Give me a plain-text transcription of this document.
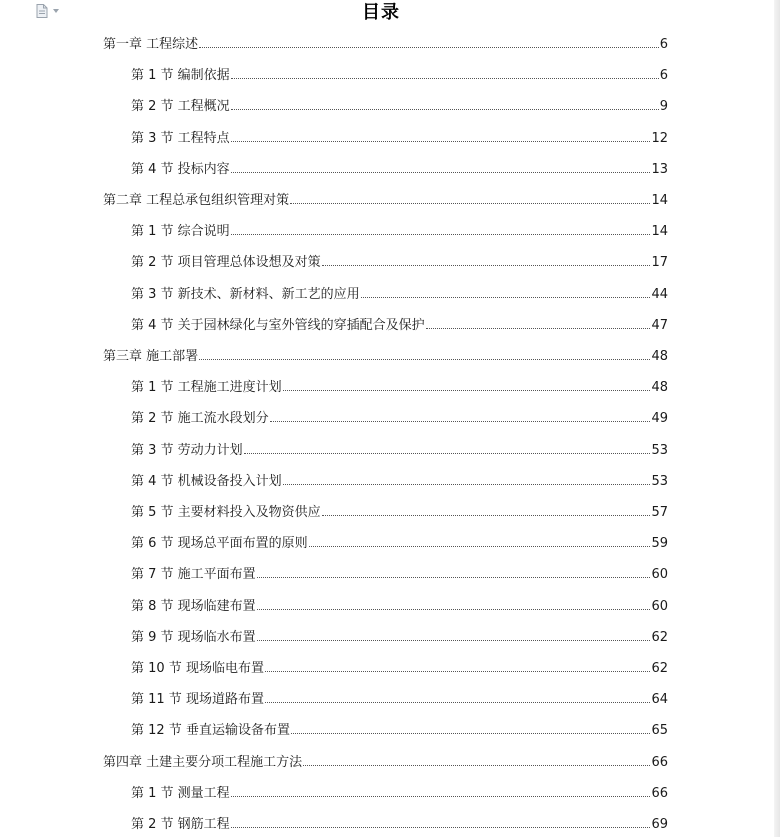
目录
第一章 工程综述	6
第 1 节 编制依据	6
第 2 节 工程概况	9
第 3 节 工程特点	12
第 4 节 投标内容	13
第二章 工程总承包组织管理对策	14
第 1 节 综合说明	14
第 2 节 项目管理总体设想及对策	17
第 3 节 新技术、新材料、新工艺的应用	44
第 4 节 关于园林绿化与室外管线的穿插配合及保护	47
第三章 施工部署	48
第 1 节 工程施工进度计划	48
第 2 节 施工流水段划分	49
第 3 节 劳动力计划	53
第 4 节 机械设备投入计划	53
第 5 节 主要材料投入及物资供应	57
第 6 节 现场总平面布置的原则	59
第 7 节 施工平面布置	60
第 8 节 现场临建布置	60
第 9 节 现场临水布置	62
第 10 节 现场临电布置	62
第 11 节 现场道路布置	64
第 12 节 垂直运输设备布置	65
第四章 土建主要分项工程施工方法	66
第 1 节 测量工程	66
第 2 节 钢筋工程	69
